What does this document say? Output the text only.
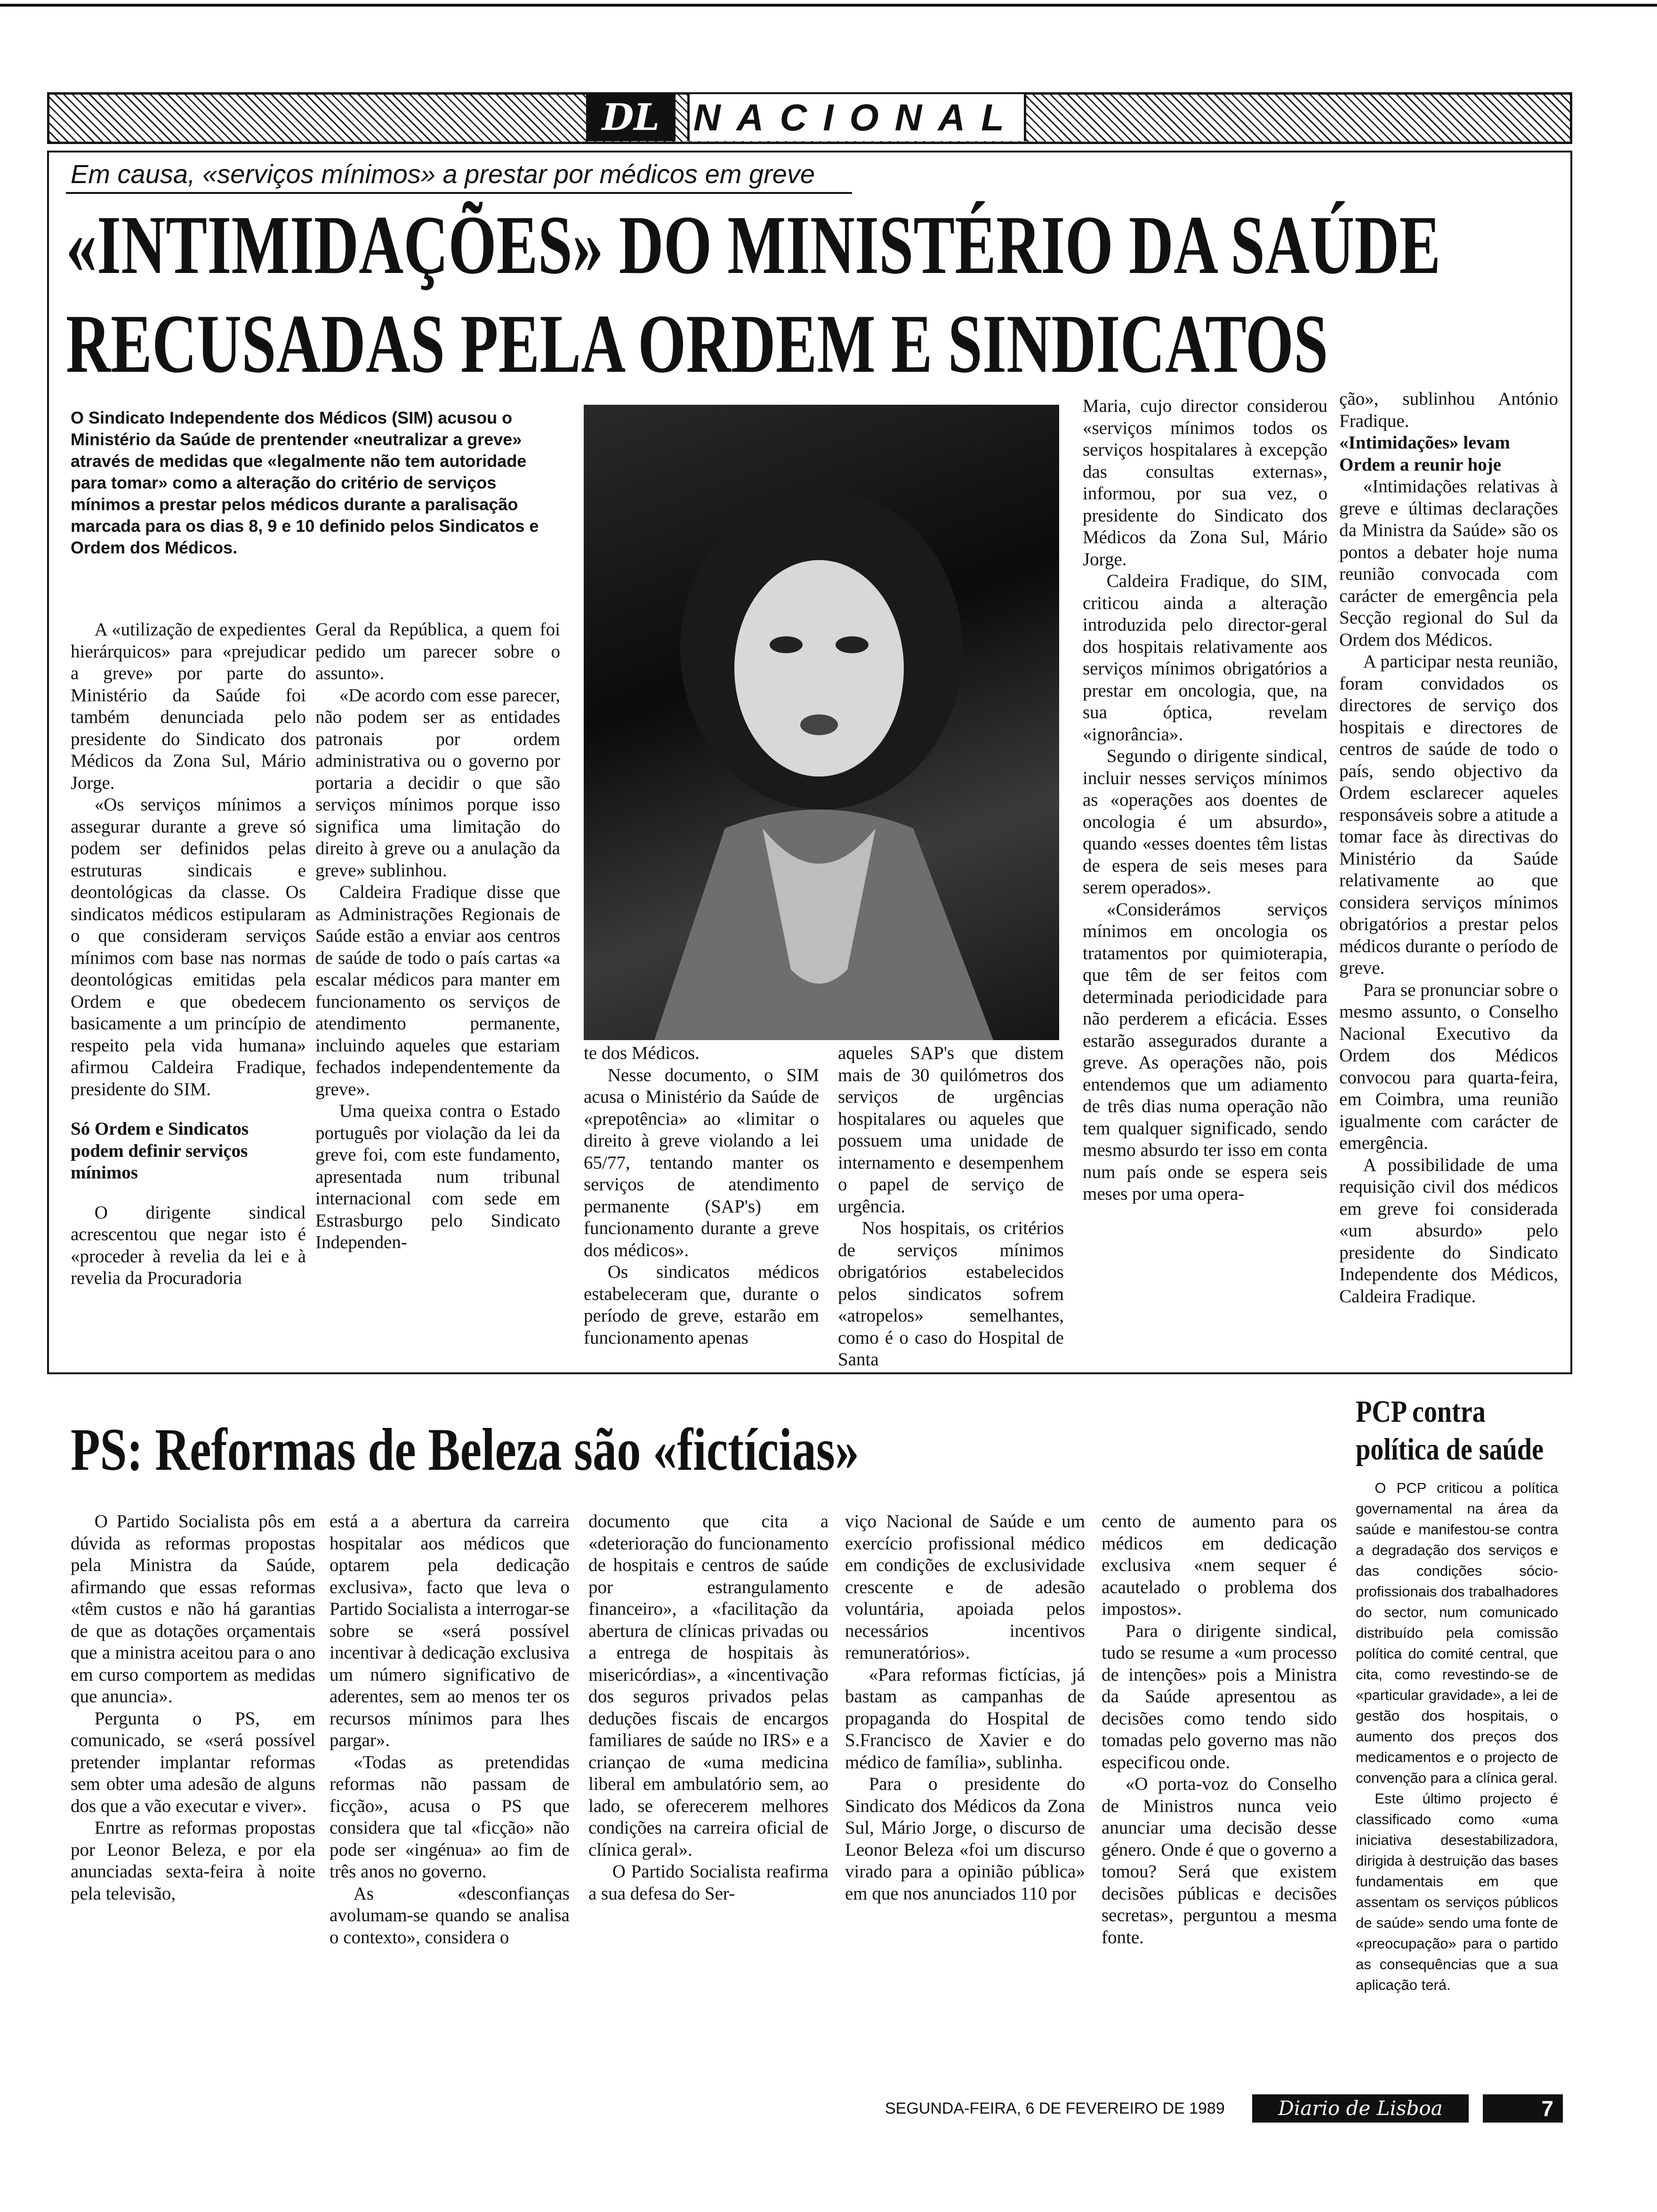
DL NACIONAL
Em causa, «serviços mínimos» a prestar por médicos em greve
«INTIMIDAÇÕES» DO MINISTÉRIO DA SAÚDE
RECUSADAS PELA ORDEM E SINDICATOS
O Sindicato Independente dos Médicos (SIM) acusou o Ministério da Saúde de prentender «neutralizar a greve» através de medidas que «legalmente não tem autoridade para tomar» como a alteração do critério de serviços mínimos a prestar pelos médicos durante a paralisação marcada para os dias 8, 9 e 10 definido pelos Sindicatos e Ordem dos Médicos.

A «utilização de expedientes hierárquicos» para «prejudicar a greve» por parte do Ministério da Saúde foi também denunciada pelo presidente do Sindicato dos Médicos da Zona Sul, Mário Jorge.

«Os serviços mínimos a assegurar durante a greve só podem ser definidos pelas estruturas sindicais e deontológicas da classe. Os sindicatos médicos estipularam o que consideram serviços mínimos com base nas normas deontológicas emitidas pela Ordem e que obedecem basicamente a um princípio de respeito pela vida humana» afirmou Caldeira Fradique, presidente do SIM.

Só Ordem e Sindicatos podem definir serviços mínimos

O dirigente sindical acrescentou que negar isto é «proceder à revelia da lei e à revelia da Procuradoria

Geral da República, a quem foi pedido um parecer sobre o assunto».

«De acordo com esse parecer, não podem ser as entidades patronais por ordem administrativa ou o governo por portaria a decidir o que são serviços mínimos porque isso significa uma limitação do direito à greve ou a anulação da greve» sublinhou.

Caldeira Fradique disse que as Administrações Regionais de Saúde estão a enviar aos centros de saúde de todo o país cartas «a escalar médicos para manter em funcionamento os serviços de atendimento permanente, incluindo aqueles que estariam fechados independentemente da greve».

Uma queixa contra o Estado português por violação da lei da greve foi, com este fundamento, apresentada num tribunal internacional com sede em Estrasburgo pelo Sindicato Independen-

te dos Médicos.

Nesse documento, o SIM acusa o Ministério da Saúde de «prepotência» ao «limitar o direito à greve violando a lei 65/77, tentando manter os serviços de atendimento permanente (SAP's) em funcionamento durante a greve dos médicos».

Os sindicatos médicos estabeleceram que, durante o período de greve, estarão em funcionamento apenas

aqueles SAP's que distem mais de 30 quilómetros dos serviços de urgências hospitalares ou aqueles que possuem uma unidade de internamento e desempenhem o papel de serviço de urgência.

Nos hospitais, os critérios de serviços mínimos obrigatórios estabelecidos pelos sindicatos sofrem «atropelos» semelhantes, como é o caso do Hospital de Santa

Maria, cujo director considerou «serviços mínimos todos os serviços hospitalares à excepção das consultas externas», informou, por sua vez, o presidente do Sindicato dos Médicos da Zona Sul, Mário Jorge.

Caldeira Fradique, do SIM, criticou ainda a alteração introduzida pelo director-geral dos hospitais relativamente aos serviços mínimos obrigatórios a prestar em oncologia, que, na sua óptica, revelam «ignorância».

Segundo o dirigente sindical, incluir nesses serviços mínimos as «operações aos doentes de oncologia é um absurdo», quando «esses doentes têm listas de espera de seis meses para serem operados».

«Considerámos serviços mínimos em oncologia os tratamentos por quimioterapia, que têm de ser feitos com determinada periodicidade para não perderem a eficácia. Esses estarão assegurados durante a greve. As operações não, pois entendemos que um adiamento de três dias numa operação não tem qualquer significado, sendo mesmo absurdo ter isso em conta num país onde se espera seis meses por uma opera-

ção», sublinhou António Fradique.

«Intimidações» levam Ordem a reunir hoje

«Intimidações relativas à greve e últimas declarações da Ministra da Saúde» são os pontos a debater hoje numa reunião convocada com carácter de emergência pela Secção regional do Sul da Ordem dos Médicos.

A participar nesta reunião, foram convidados os directores de serviço dos hospitais e directores de centros de saúde de todo o país, sendo objectivo da Ordem esclarecer aqueles responsáveis sobre a atitude a tomar face às directivas do Ministério da Saúde relativamente ao que considera serviços mínimos obrigatórios a prestar pelos médicos durante o período de greve.

Para se pronunciar sobre o mesmo assunto, o Conselho Nacional Executivo da Ordem dos Médicos convocou para quarta-feira, em Coimbra, uma reunião igualmente com carácter de emergência.

A possibilidade de uma requisição civil dos médicos em greve foi considerada «um absurdo» pelo presidente do Sindicato Independente dos Médicos, Caldeira Fradique.

PS: Reformas de Beleza são «fictícias»

O Partido Socialista pôs em dúvida as reformas propostas pela Ministra da Saúde, afirmando que essas reformas «têm custos e não há garantias de que as dotações orçamentais que a ministra aceitou para o ano em curso comportem as medidas que anuncia».

Pergunta o PS, em comunicado, se «será possível pretender implantar reformas sem obter uma adesão de alguns dos que a vão executar e viver».

Enrtre as reformas propostas por Leonor Beleza, e por ela anunciadas sexta-feira à noite pela televisão,

está a a abertura da carreira hospitalar aos médicos que optarem pela dedicação exclusiva», facto que leva o Partido Socialista a interrogar-se sobre se «será possível incentivar à dedicação exclusiva um número significativo de aderentes, sem ao menos ter os recursos mínimos para lhes pargar».

«Todas as pretendidas reformas não passam de ficção», acusa o PS que considera que tal «ficção» não pode ser «ingénua» ao fim de três anos no governo.

As «desconfianças avolumam-se quando se analisa o contexto», considera o

documento que cita a «deterioração do funcionamento de hospitais e centros de saúde por estrangulamento financeiro», a «facilitação da abertura de clínicas privadas ou a entrega de hospitais às misericórdias», a «incentivação dos seguros privados pelas deduções fiscais de encargos familiares de saúde no IRS» e a criançao de «uma medicina liberal em ambulatório sem, ao lado, se oferecerem melhores condições na carreira oficial de clínica geral».

O Partido Socialista reafirma a sua defesa do Ser-

viço Nacional de Saúde e um exercício profissional médico em condições de exclusividade crescente e de adesão voluntária, apoiada pelos necessários incentivos remuneratórios».

«Para reformas fictícias, já bastam as campanhas de propaganda do Hospital de S.Francisco de Xavier e do médico de família», sublinha.

Para o presidente do Sindicato dos Médicos da Zona Sul, Mário Jorge, o discurso de Leonor Beleza «foi um discurso virado para a opinião pública» em que nos anunciados 110 por

cento de aumento para os médicos em dedicação exclusiva «nem sequer é acautelado o problema dos impostos».

Para o dirigente sindical, tudo se resume a «um processo de intenções» pois a Ministra da Saúde apresentou as decisões como tendo sido tomadas pelo governo mas não especificou onde.

«O porta-voz do Conselho de Ministros nunca veio anunciar uma decisão desse género. Onde é que o governo a tomou? Será que existem decisões públicas e decisões secretas», perguntou a mesma fonte.

PCP contra política de saúde

O PCP criticou a política governamental na área da saúde e manifestou-se contra a degradação dos serviços e das condições sócio-profissionais dos trabalhadores do sector, num comunicado distribuído pela comissão política do comité central, que cita, como revestindo-se de «particular gravidade», a lei de gestão dos hospitais, o aumento dos preços dos medicamentos e o projecto de convenção para a clínica geral.

Este último projecto é classificado como «uma iniciativa desestabilizadora, dirigida à destruição das bases fundamentais em que assentam os serviços públicos de saúde» sendo uma fonte de «preocupação» para o partido as consequências que a sua aplicação terá.

SEGUNDA-FEIRA, 6 DE FEVEREIRO DE 1989	Diario de Lisboa	7
